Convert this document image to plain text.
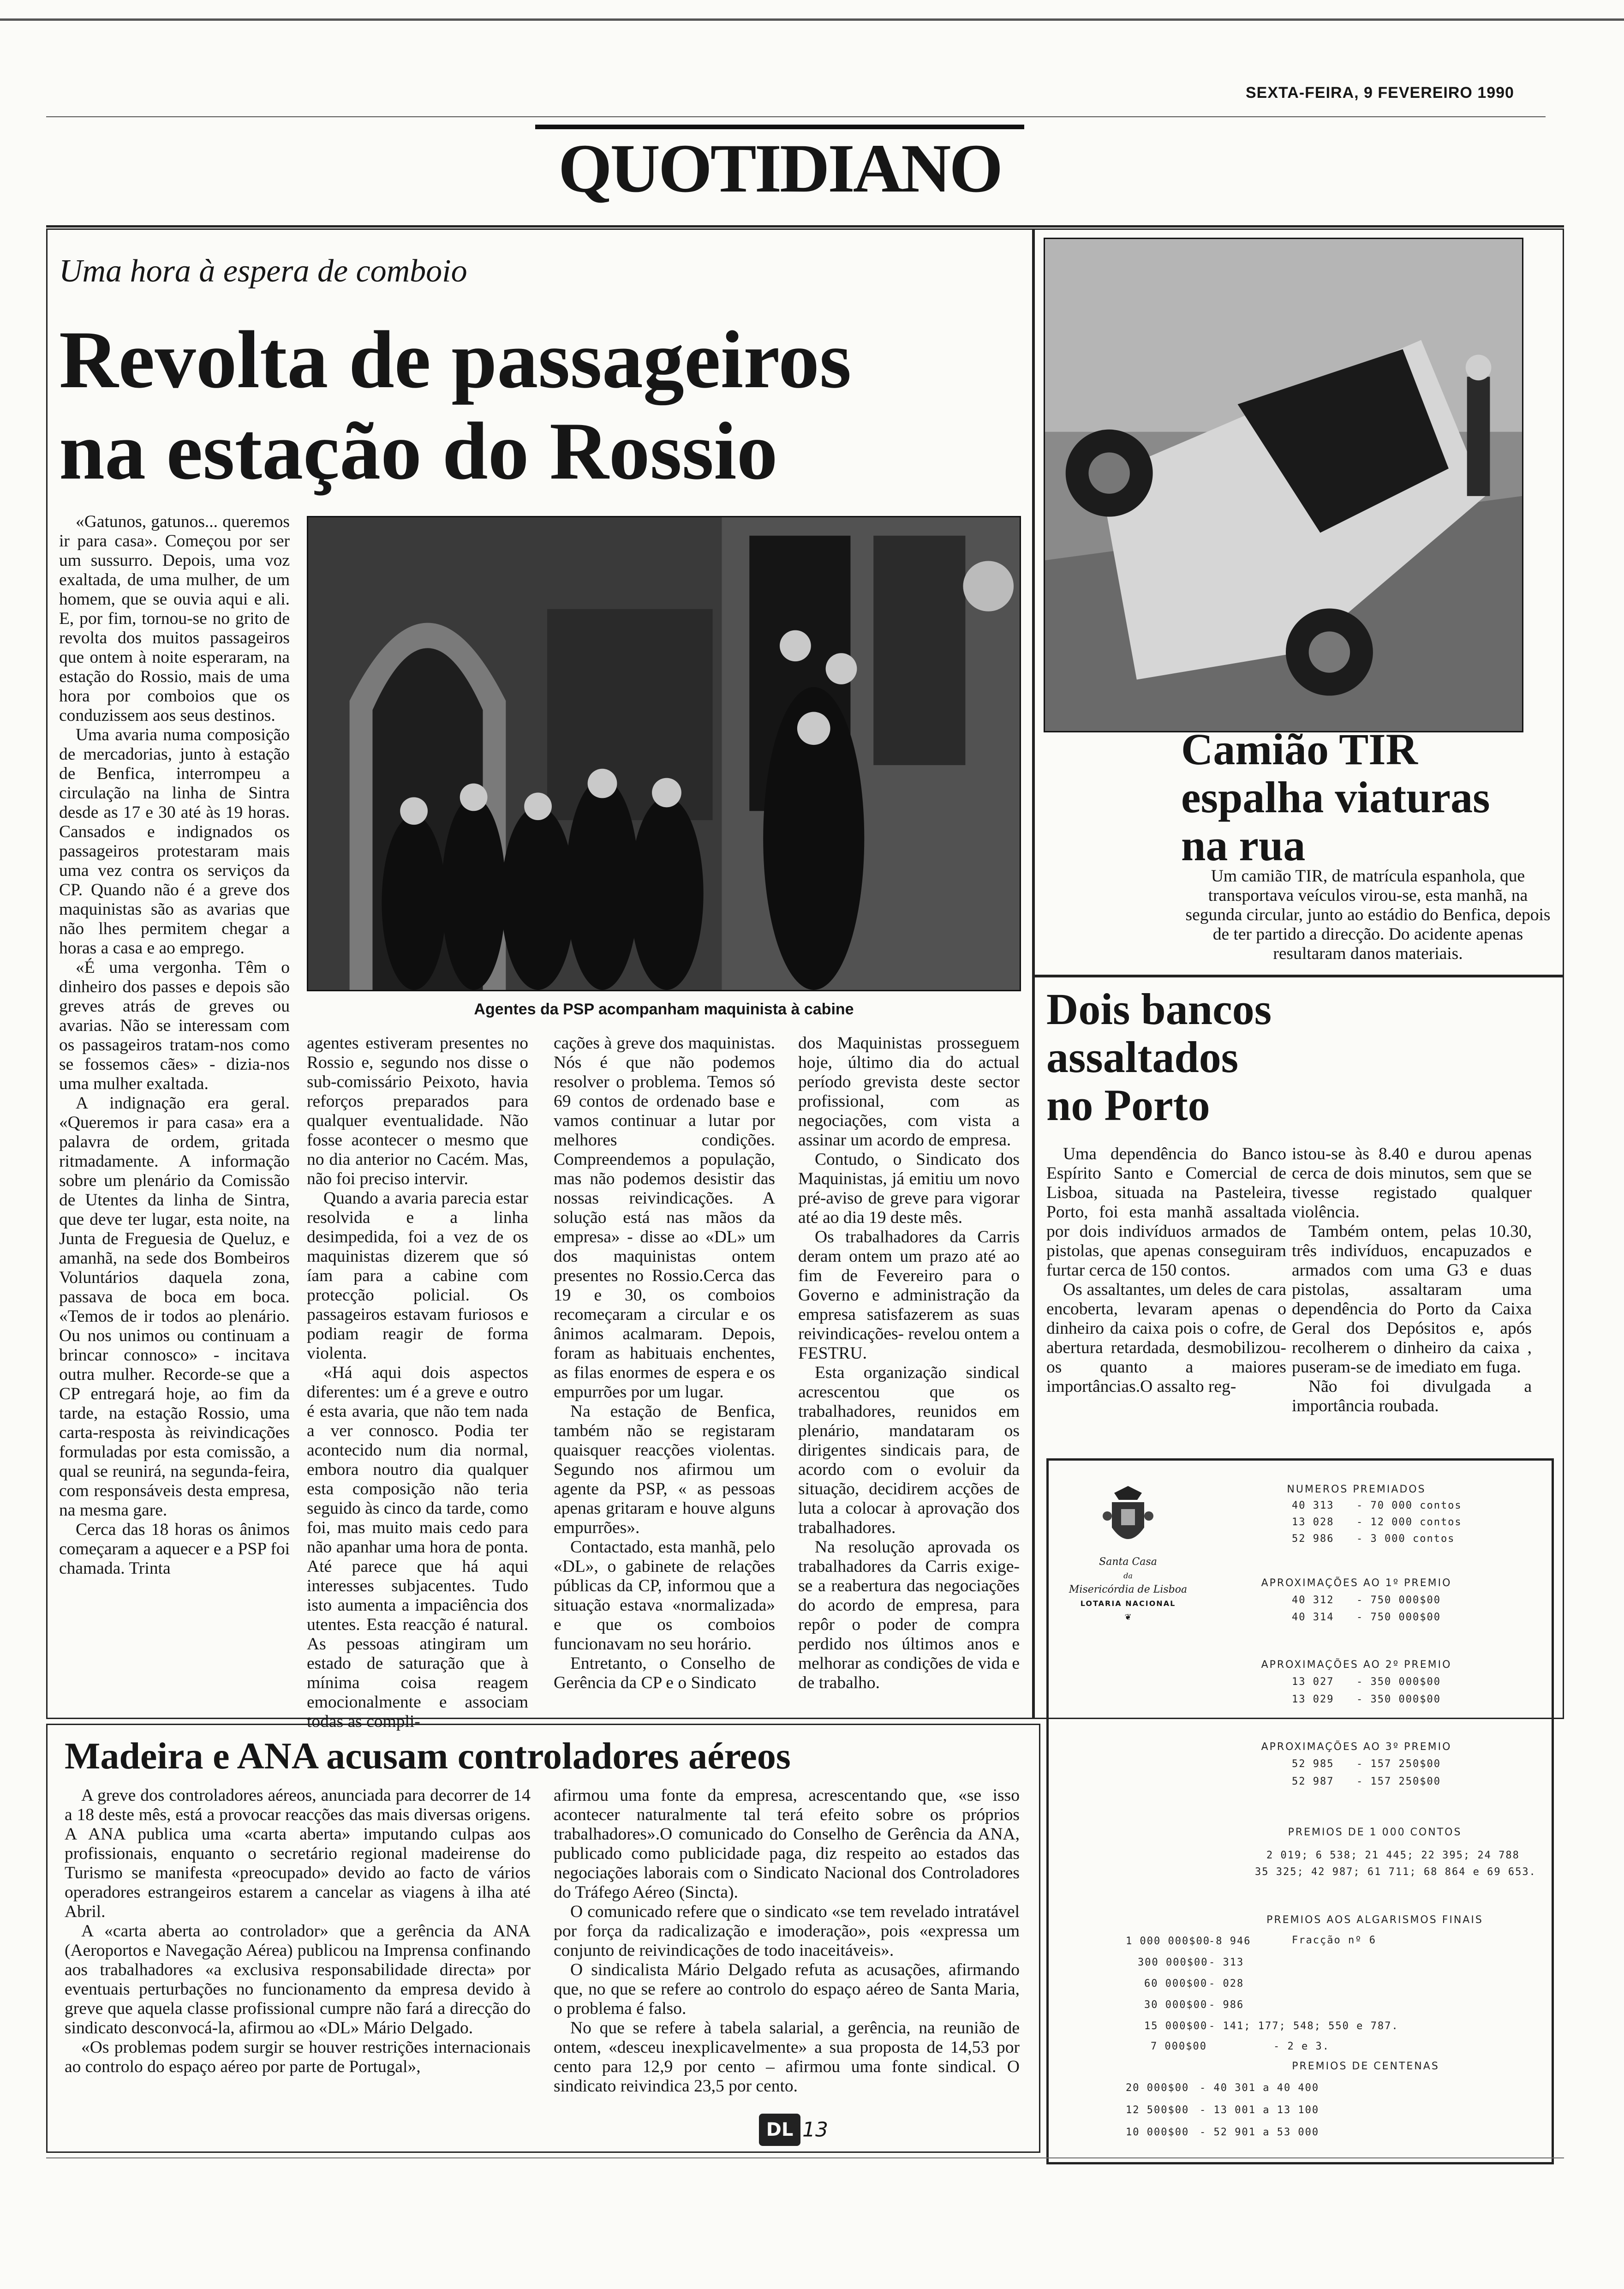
SEXTA-FEIRA, 9 FEVEREIRO 1990
QUOTIDIANO
Uma hora à espera de comboio
Revolta de passageiros
na estação do Rossio
Agentes da PSP acompanham maquinista à cabine

«Gatunos, gatunos... queremos ir para casa». Começou por ser um sussurro. Depois, uma voz exaltada, de uma mulher, de um homem, que se ouvia aqui e ali. E, por fim, tornou-se no grito de revolta dos muitos passageiros que ontem à noite esperaram, na estação do Rossio, mais de uma hora por comboios que os conduzissem aos seus destinos.

Uma avaria numa composição de mercadorias, junto à estação de Benfica, interrompeu a circulação na linha de Sintra desde as 17 e 30 até às 19 horas. Cansados e indignados os passageiros protestaram mais uma vez contra os serviços da CP. Quando não é a greve dos maquinistas são as avarias que não lhes permitem chegar a horas a casa e ao emprego.

«É uma vergonha. Têm o dinheiro dos passes e depois são greves atrás de greves ou avarias. Não se interessam com os passageiros tratam-nos como se fossemos cães» - dizia-nos uma mulher exaltada.

A indignação era geral. «Queremos ir para casa» era a palavra de ordem, gritada ritmadamente. A informação sobre um plenário da Comissão de Utentes da linha de Sintra, que deve ter lugar, esta noite, na Junta de Freguesia de Queluz, e amanhã, na sede dos Bombeiros Voluntários daquela zona, passava de boca em boca. «Temos de ir todos ao plenário. Ou nos unimos ou continuam a brincar connosco» - incitava outra mulher. Recorde-se que a CP entregará hoje, ao fim da tarde, na estação Rossio, uma carta-resposta às reivindicações formuladas por esta comissão, a qual se reunirá, na segunda-feira, com responsáveis desta empresa, na mesma gare.

Cerca das 18 horas os ânimos começaram a aquecer e a PSP foi chamada. Trinta

agentes estiveram presentes no Rossio e, segundo nos disse o sub-comissário Peixoto, havia reforços preparados para qualquer eventualidade. Não fosse acontecer o mesmo que no dia anterior no Cacém. Mas, não foi preciso intervir.

Quando a avaria parecia estar resolvida e a linha desimpedida, foi a vez de os maquinistas dizerem que só íam para a cabine com protecção policial. Os passageiros estavam furiosos e podiam reagir de forma violenta.

«Há aqui dois aspectos diferentes: um é a greve e outro é esta avaria, que não tem nada a ver connosco. Podia ter acontecido num dia normal, embora noutro dia qualquer esta composição não teria seguido às cinco da tarde, como foi, mas muito mais cedo para não apanhar uma hora de ponta. Até parece que há aqui interesses subjacentes. Tudo isto aumenta a impaciência dos utentes. Esta reacção é natural. As pessoas atingiram um estado de saturação que à mínima coisa reagem emocionalmente e associam todas as compli-

cações à greve dos maquinistas. Nós é que não podemos resolver o problema. Temos só 69 contos de ordenado base e vamos continuar a lutar por melhores condições. Compreendemos a população, mas não podemos desistir das nossas reivindicações. A solução está nas mãos da empresa» - disse ao «DL» um dos maquinistas ontem presentes no Rossio.Cerca das 19 e 30, os comboios recomeçaram a circular e os ânimos acalmaram. Depois, foram as habituais enchentes, as filas enormes de espera e os empurrões por um lugar.

Na estação de Benfica, também não se registaram quaisquer reacções violentas. Segundo nos afirmou um agente da PSP, « as pessoas apenas gritaram e houve alguns empurrões».

Contactado, esta manhã, pelo «DL», o gabinete de relações públicas da CP, informou que a situação estava «normalizada» e que os comboios funcionavam no seu horário.

Entretanto, o Conselho de Gerência da CP e o Sindicato

dos Maquinistas prosseguem hoje, último dia do actual período grevista deste sector profissional, com as negociações, com vista a assinar um acordo de empresa.

Contudo, o Sindicato dos Maquinistas, já emitiu um novo pré-aviso de greve para vigorar até ao dia 19 deste mês.

Os trabalhadores da Carris deram ontem um prazo até ao fim de Fevereiro para o Governo e administração da empresa satisfazerem as suas reivindicações- revelou ontem a FESTRU.

Esta organização sindical acrescentou que os trabalhadores, reunidos em plenário, mandataram os dirigentes sindicais para, de acordo com o evoluir da situação, decidirem acções de luta a colocar à aprovação dos trabalhadores.

Na resolução aprovada os trabalhadores da Carris exige-se a reabertura das negociações do acordo de empresa, para repôr o poder de compra perdido nos últimos anos e melhorar as condições de vida e de trabalho.

Camião TIR
espalha viaturas
na rua
Um camião TIR, de matrícula espanhola, que transportava veículos virou-se, esta manhã, na segunda circular, junto ao estádio do Benfica, depois de ter partido a direcção. Do acidente apenas resultaram danos materiais.
Dois bancos
assaltados
no Porto

Uma dependência do Banco Espírito Santo e Comercial de Lisboa, situada na Pasteleira, Porto, foi esta manhã assaltada por dois indivíduos armados de pistolas, que apenas conseguiram furtar cerca de 150 contos.

Os assaltantes, um deles de cara encoberta, levaram apenas o dinheiro da caixa pois o cofre, de abertura retardada, desmobilizou-os quanto a maiores importâncias.O assalto reg-

istou-se às 8.40 e durou apenas cerca de dois minutos, sem que se tivesse registado qualquer violência.

Também ontem, pelas 10.30, três indivíduos, encapuzados e armados com uma G3 e duas pistolas, assaltaram uma dependência do Porto da Caixa Geral dos Depósitos e, após recolherem o dinheiro da caixa , puseram-se de imediato em fuga.

Não foi divulgada a importância roubada.

Santa Casa
da
Misericórdia de Lisboa
LOTARIA NACIONAL
❦
NUMEROS PREMIADOS
40 313 - 70 000 contos
13 028 - 12 000 contos
52 986 - 3 000 contos
APROXIMAÇÕES AO 1º PREMIO
40 312 - 750 000$00
40 314 - 750 000$00
APROXIMAÇÕES AO 2º PREMIO
13 027 - 350 000$00
13 029 - 350 000$00
APROXIMAÇÕES AO 3º PREMIO
52 985 - 157 250$00
52 987 - 157 250$00
PREMIOS DE 1 000 CONTOS
2 019; 6 538; 21 445; 22 395; 24 788
35 325; 42 987; 61 711; 68 864 e 69 653.
PREMIOS AOS ALGARISMOS FINAIS
Fracção nº 6
1 000 000$00
-8 946
300 000$00 - 313
60 000$00 - 028
30 000$00 - 986
15 000$00 - 141; 177; 548; 550 e 787.
7 000$00	- 2 e 3.
PREMIOS DE CENTENAS
20 000$00 - 40 301 a 40 400
12 500$00 - 13 001 a 13 100
10 000$00 - 52 901 a 53 000
Madeira e ANA acusam controladores aéreos

A greve dos controladores aéreos, anunciada para decorrer de 14 a 18 deste mês, está a provocar reacções das mais diversas origens. A ANA publica uma «carta aberta» imputando culpas aos profissionais, enquanto o secretário regional madeirense do Turismo se manifesta «preocupado» devido ao facto de vários operadores estrangeiros estarem a cancelar as viagens à ilha até Abril.

A «carta aberta ao controlador» que a gerência da ANA (Aeroportos e Navegação Aérea) publicou na Imprensa confinando aos trabalhadores «a exclusiva responsabilidade directa» por eventuais perturbações no funcionamento da empresa devido à greve que aquela classe profissional cumpre não fará a direcção do sindicato desconvocá-la, afirmou ao «DL» Mário Delgado.

«Os problemas podem surgir se houver restrições internacionais ao controlo do espaço aéreo por parte de Portugal»,

afirmou uma fonte da empresa, acrescentando que, «se isso acontecer naturalmente tal terá efeito sobre os próprios trabalhadores».O comunicado do Conselho de Gerência da ANA, publicado como publicidade paga, diz respeito ao estados das negociações laborais com o Sindicato Nacional dos Controladores do Tráfego Aéreo (Sincta).

O comunicado refere que o sindicato «se tem revelado intratável por força da radicalização e imoderação», pois «expressa um conjunto de reivindicações de todo inaceitáveis».

O sindicalista Mário Delgado refuta as acusações, afirmando que, no que se refere ao controlo do espaço aéreo de Santa Maria, o problema é falso.

No que se refere à tabela salarial, a gerência, na reunião de ontem, «desceu inexplicavelmente» a sua proposta de 14,53 por cento para 12,9 por cento – afirmou uma fonte sindical. O sindicato reivindica 23,5 por cento.

DL 13
